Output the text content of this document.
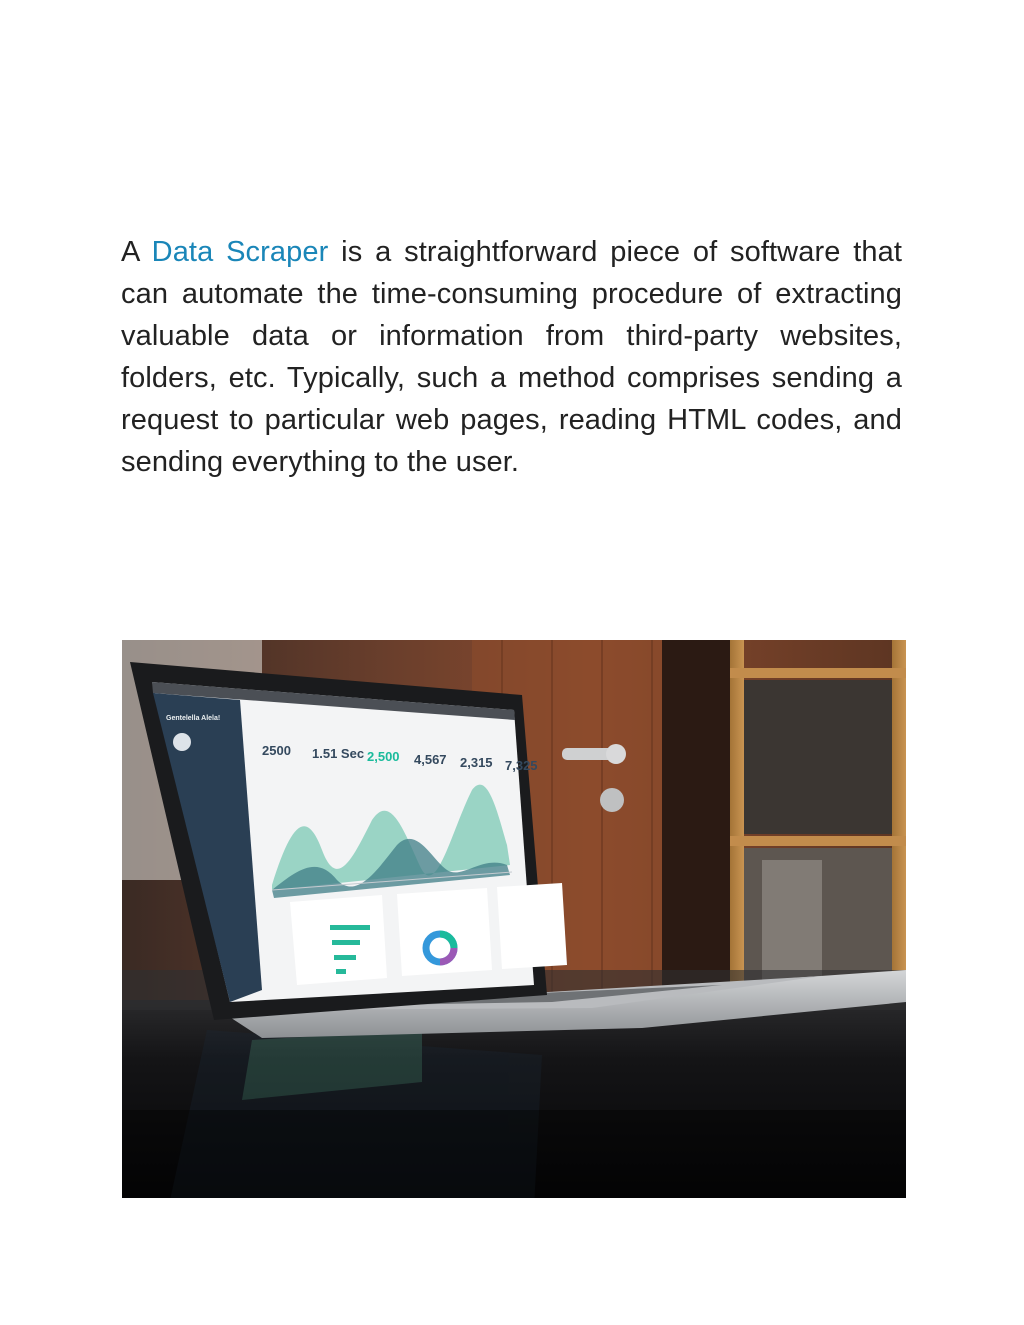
A Data Scraper is a straightforward piece of software that can automate the time-consuming procedure of extracting valuable data or information from third-party websites, folders, etc. Typically, such a method comprises sending a request to particular web pages, reading HTML codes, and sending everything to the user.

2500 1.51 Sec 2,500 4,567 2,315 7,325
Gentelella Alela!
